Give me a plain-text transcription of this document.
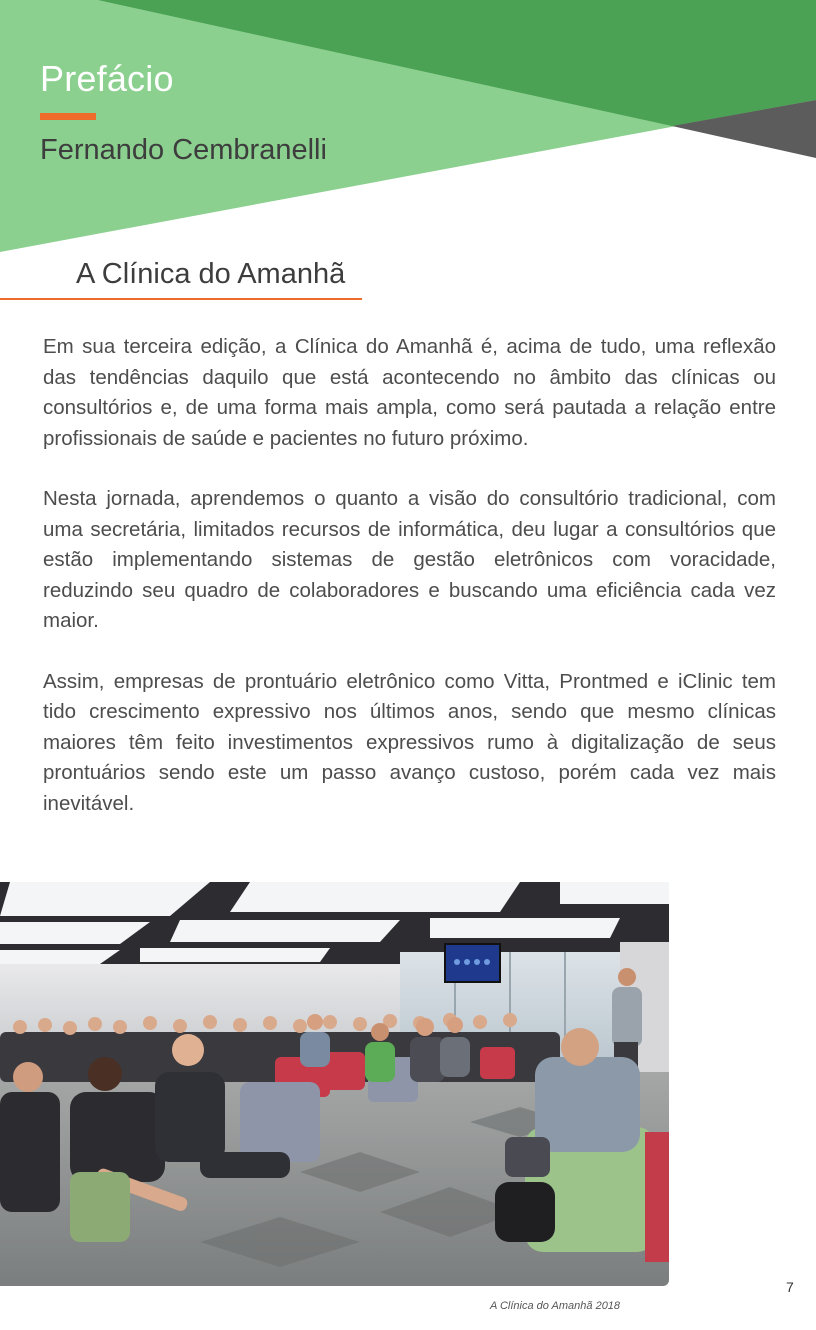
Prefácio
Fernando Cembranelli
A Clínica do Amanhã

Em sua terceira edição, a Clínica do Amanhã é, acima de tudo, uma reflexão das tendências daquilo que está acontecendo no âmbito das clínicas ou consultórios e, de uma forma mais ampla, como será pautada a relação entre profissionais de saúde e pacientes no futuro próximo.

Nesta jornada, aprendemos o quanto a visão do consultório tradicional, com uma secretária, limitados recursos de informática, deu lugar a consultórios que estão implementando sistemas de gestão eletrônicos com voracidade, reduzindo seu quadro de colaboradores e buscando uma eficiência cada vez maior.

Assim, empresas de prontuário eletrônico como Vitta, Prontmed e iClinic tem tido crescimento expressivo nos últimos anos, sendo que mesmo clínicas maiores têm feito investimentos expressivos rumo à digitalização de seus prontuários sendo este um passo avanço custoso, porém cada vez mais inevitável.

7
A Clínica do Amanhã 2018
